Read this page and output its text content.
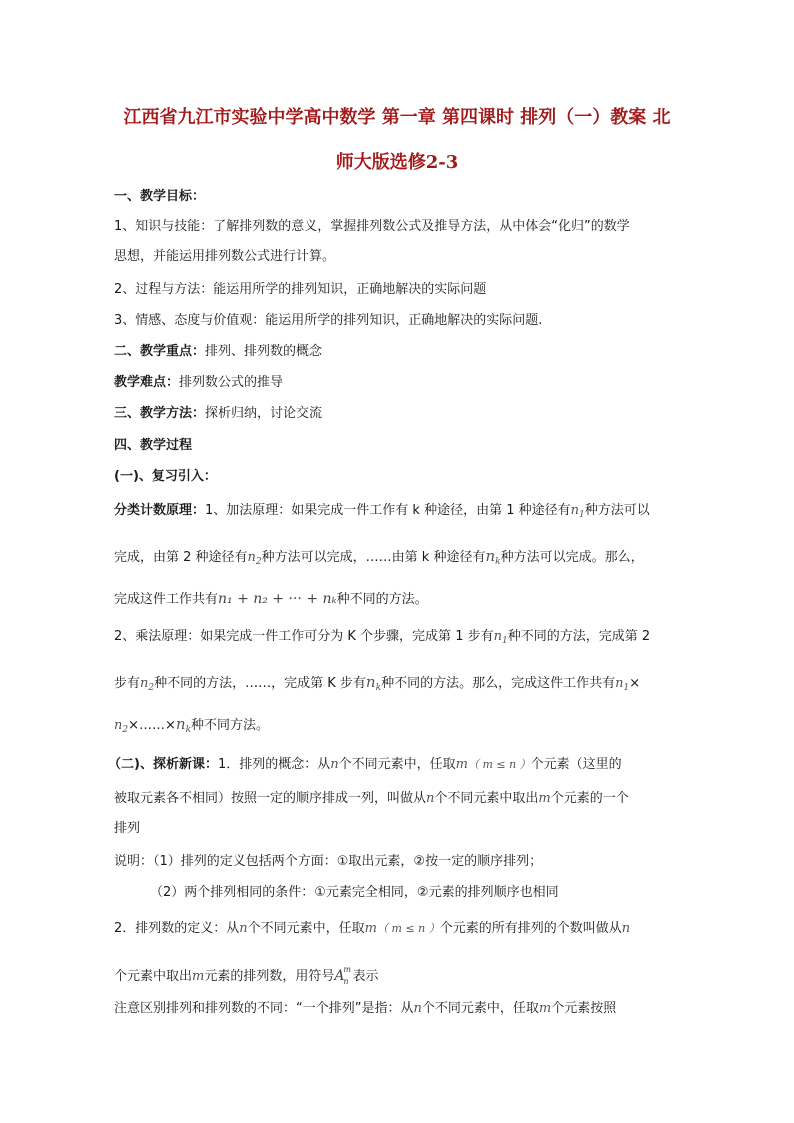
江西省九江市实验中学高中数学 第一章 第四课时 排列（一）教案 北
师大版选修2-3
一、教学目标：
1、知识与技能：了解排列数的意义，掌握排列数公式及推导方法，从中体会“化归”的数学
思想，并能运用排列数公式进行计算。
2、过程与方法：能运用所学的排列知识，正确地解决的实际问题
3、情感、态度与价值观：能运用所学的排列知识，正确地解决的实际问题.
二、教学重点：排列、排列数的概念
教学难点：排列数公式的推导
三、教学方法：探析归纳，讨论交流
四、教学过程
(一)、复习引入：
分类计数原理：1、加法原理：如果完成一件工作有 k 种途径，由第 1 种途径有$n_1$种方法可以
完成，由第 2 种途径有$n_2$种方法可以完成，……由第 k 种途径有$n_k$种方法可以完成。那么，
完成这件工作共有n₁ + n₂ + ··· + nₖ种不同的方法。
2、乘法原理：如果完成一件工作可分为 K 个步骤，完成第 1 步有$n_1$种不同的方法，完成第 2
步有$n_2$种不同的方法，……，完成第 K 步有$n_k$种不同的方法。那么，完成这件工作共有$n_1\times$
$n_2\times\dots\dots\times n_k$种不同方法。
（二)、探析新课：1．排列的概念：从n个不同元素中，任取m（ m ≤ n ）个元素（这里的
被取元素各不相同）按照一定的顺序排成一列，叫做从n个不同元素中取出m个元素的一个
排列
说明：（1）排列的定义包括两个方面：①取出元素，②按一定的顺序排列；
（2）两个排列相同的条件：①元素完全相同，②元素的排列顺序也相同
2．排列数的定义：从n个不同元素中，任取m（ m ≤ n ）个元素的所有排列的个数叫做从n
个元素中取出m元素的排列数，用符号A
m
n 表示
注意区别排列和排列数的不同：“一个排列”是指：从n个不同元素中，任取m个元素按照
